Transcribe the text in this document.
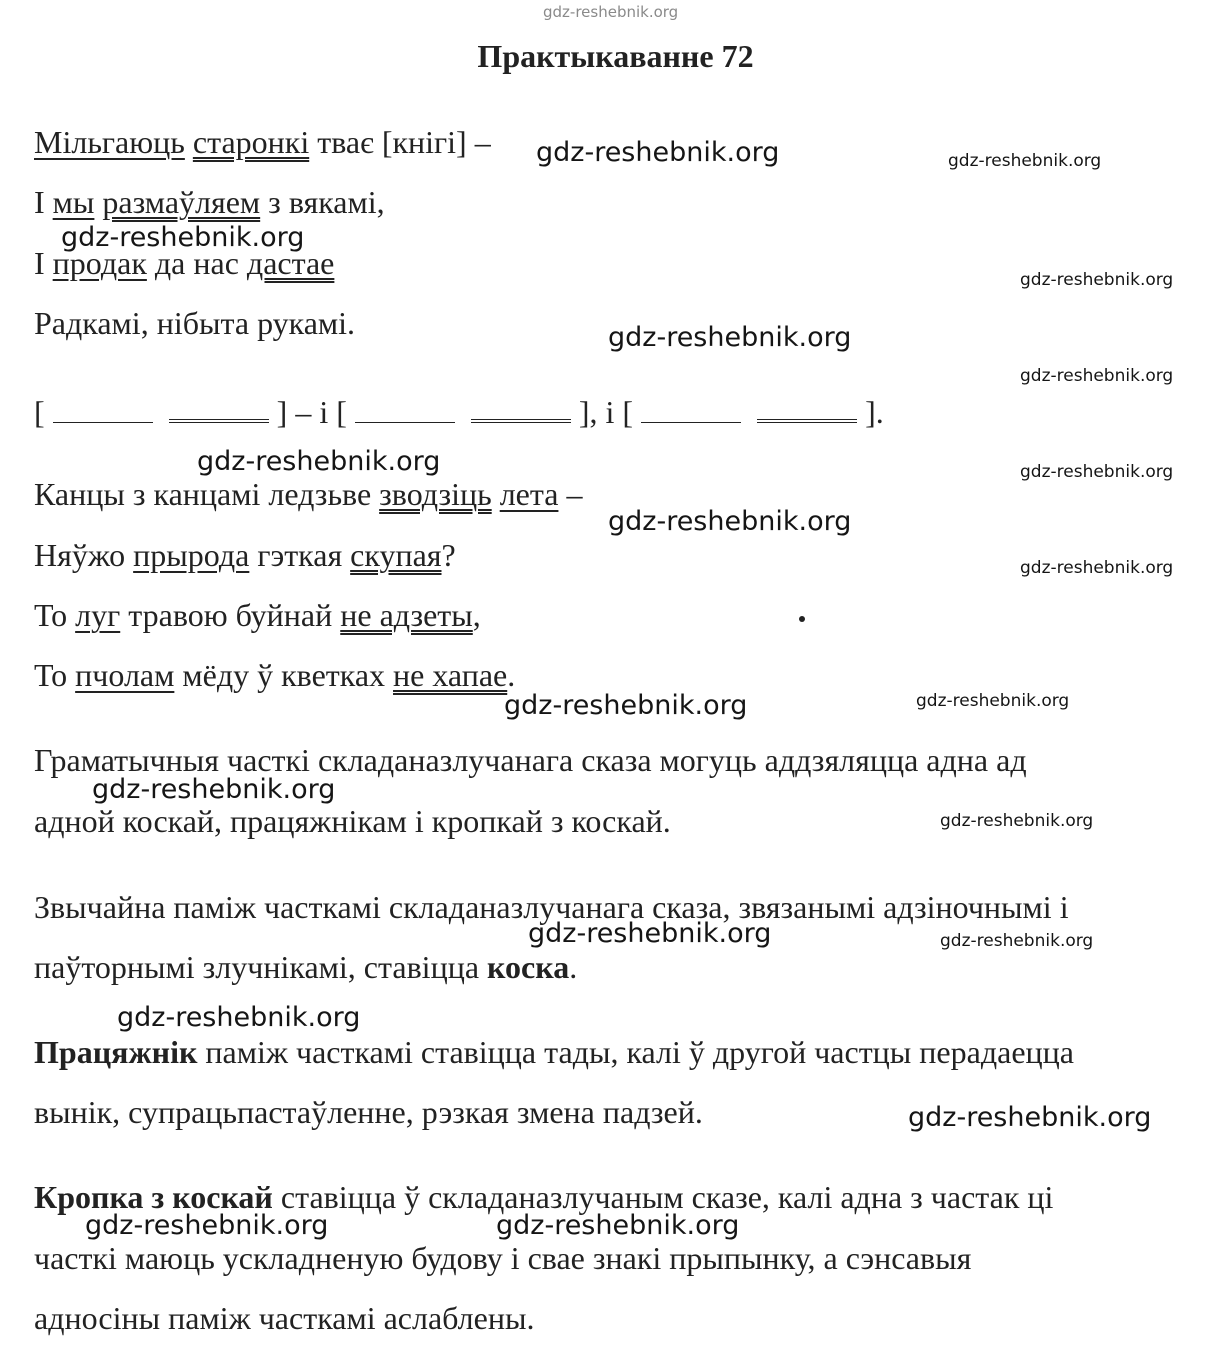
gdz-reshebnik.org
Практыкаванне 72
Мільгаюць старонкі тває [кнігі] –
І мы размаўляем з вякамі,
І продак да нас дастае
Радкамі, нібыта рукамі.
[	] – і [	], і [	].
Канцы з канцамі ледзьве зводзіць лета –
Няўжо прырода гэткая скупая?
То луг травою буйнай не адзеты,
То пчолам мёду ў кветках не хапае.
Граматычныя часткі складаназлучанага сказа могуць аддзяляцца адна ад
адной коскай, працяжнікам і кропкай з коскай.
Звычайна паміж часткамі складаназлучанага сказа, звязанымі адзіночнымі і
паўторнымі злучнікамі, ставіцца коска.
Працяжнік паміж часткамі ставіцца тады, калі ў другой частцы перадаецца
вынік, супрацьпастаўленне, рэзкая змена падзей.
Кропка з коскай ставіцца ў складаназлучаным сказе, калі адна з частак ці
часткі маюць ускладненую будову і свае знакі прыпынку, а сэнсавыя
адносіны паміж часткамі аслаблены.
gdz-reshebnik.org	gdz-reshebnik.org
gdz-reshebnik.org
gdz-reshebnik.org
gdz-reshebnik.org
gdz-reshebnik.org
gdz-reshebnik.org	gdz-reshebnik.org
gdz-reshebnik.org
gdz-reshebnik.org
gdz-reshebnik.org	gdz-reshebnik.org
gdz-reshebnik.org
gdz-reshebnik.org
gdz-reshebnik.org	gdz-reshebnik.org
gdz-reshebnik.org
gdz-reshebnik.org
gdz-reshebnik.org	gdz-reshebnik.org
